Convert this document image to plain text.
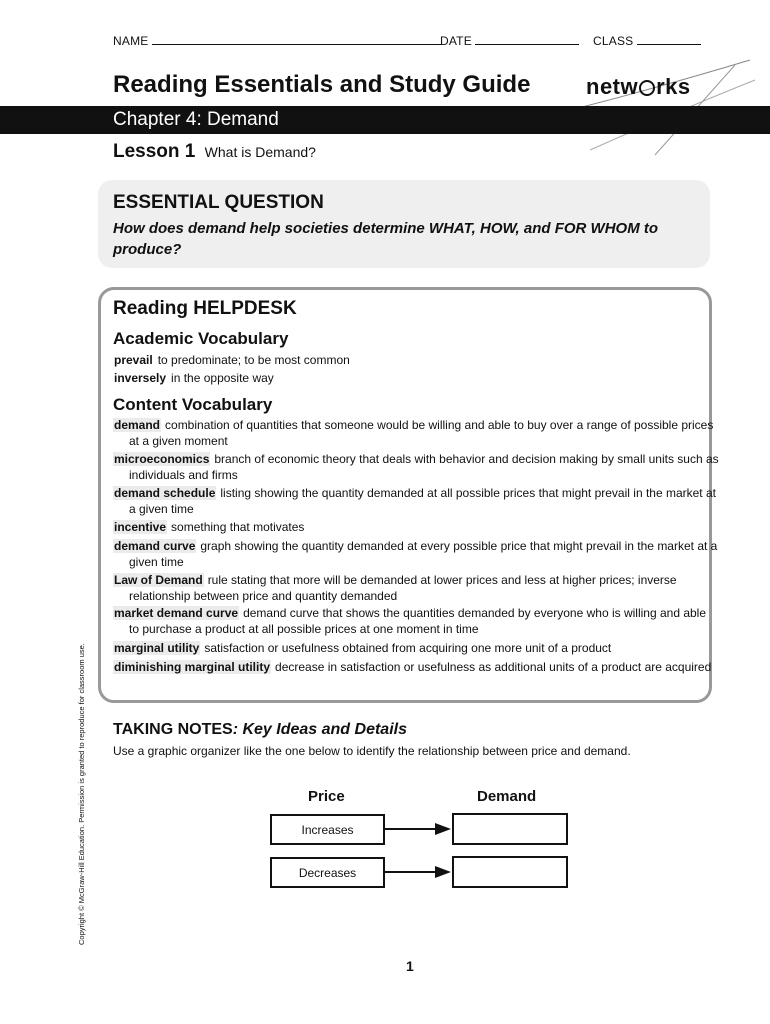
NAME	DATE	CLASS
Reading Essentials and Study Guide	netw rks
Chapter 4: Demand
Lesson 1 What is Demand?
ESSENTIAL QUESTION
How does demand help societies determine WHAT, HOW, and FOR WHOM to produce?
Reading HELPDESK
Academic Vocabulary
prevail to predominate; to be most common
inversely in the opposite way
Content Vocabulary
demand combination of quantities that someone would be willing and able to buy over a range of possible prices at a given moment
microeconomics branch of economic theory that deals with behavior and decision making by small units such as individuals and firms
demand schedule listing showing the quantity demanded at all possible prices that might prevail in the market at a given time
incentive something that motivates
demand curve graph showing the quantity demanded at every possible price that might prevail in the market at a given time
Law of Demand rule stating that more will be demanded at lower prices and less at higher prices; inverse relationship between price and quantity demanded
market demand curve demand curve that shows the quantities demanded by everyone who is willing and able to purchase a product at all possible prices at one moment in time
marginal utility satisfaction or usefulness obtained from acquiring one more unit of a product
diminishing marginal utility decrease in satisfaction or usefulness as additional units of a product are acquired
TAKING NOTES: Key Ideas and Details
Use a graphic organizer like the one below to identify the relationship between price and demand.
Price	Demand
Increases
Decreases
Copyright © McGraw-Hill Education. Permission is granted to reproduce for classroom use.
1
